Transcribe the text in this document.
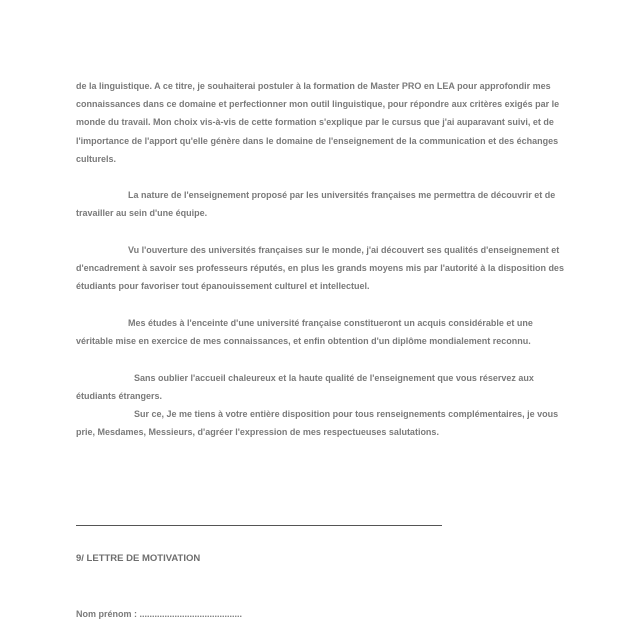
de la linguistique. A ce titre, je souhaiterai postuler à la formation de Master PRO en LEA pour approfondir mes connaissances dans ce domaine et perfectionner mon outil linguistique, pour répondre aux critères exigés par le monde du travail. Mon choix vis-à-vis de cette formation s'explique par le cursus que j'ai auparavant suivi, et de l'importance de l'apport qu'elle génère dans le domaine de l'enseignement de la communication et des échanges culturels.

La nature de l'enseignement proposé par les universités françaises me permettra de découvrir et de travailler au sein d'une équipe.

Vu l'ouverture des universités françaises sur le monde, j'ai découvert ses qualités d'enseignement et d'encadrement à savoir ses professeurs réputés, en plus les grands moyens mis par l'autorité à la disposition des étudiants pour favoriser tout épanouissement culturel et intellectuel.

Mes études à l'enceinte d'une université française constitueront un acquis considérable et une véritable mise en exercice de mes connaissances, et enfin obtention d'un diplôme mondialement reconnu.

Sans oublier l'accueil chaleureux et la haute qualité de l'enseignement que vous réservez aux étudiants étrangers.

Sur ce, Je me tiens à votre entière disposition pour tous renseignements complémentaires, je vous prie, Mesdames, Messieurs, d'agréer l'expression de mes respectueuses salutations.

9/ LETTRE DE MOTIVATION
Nom prénom : .........................................
